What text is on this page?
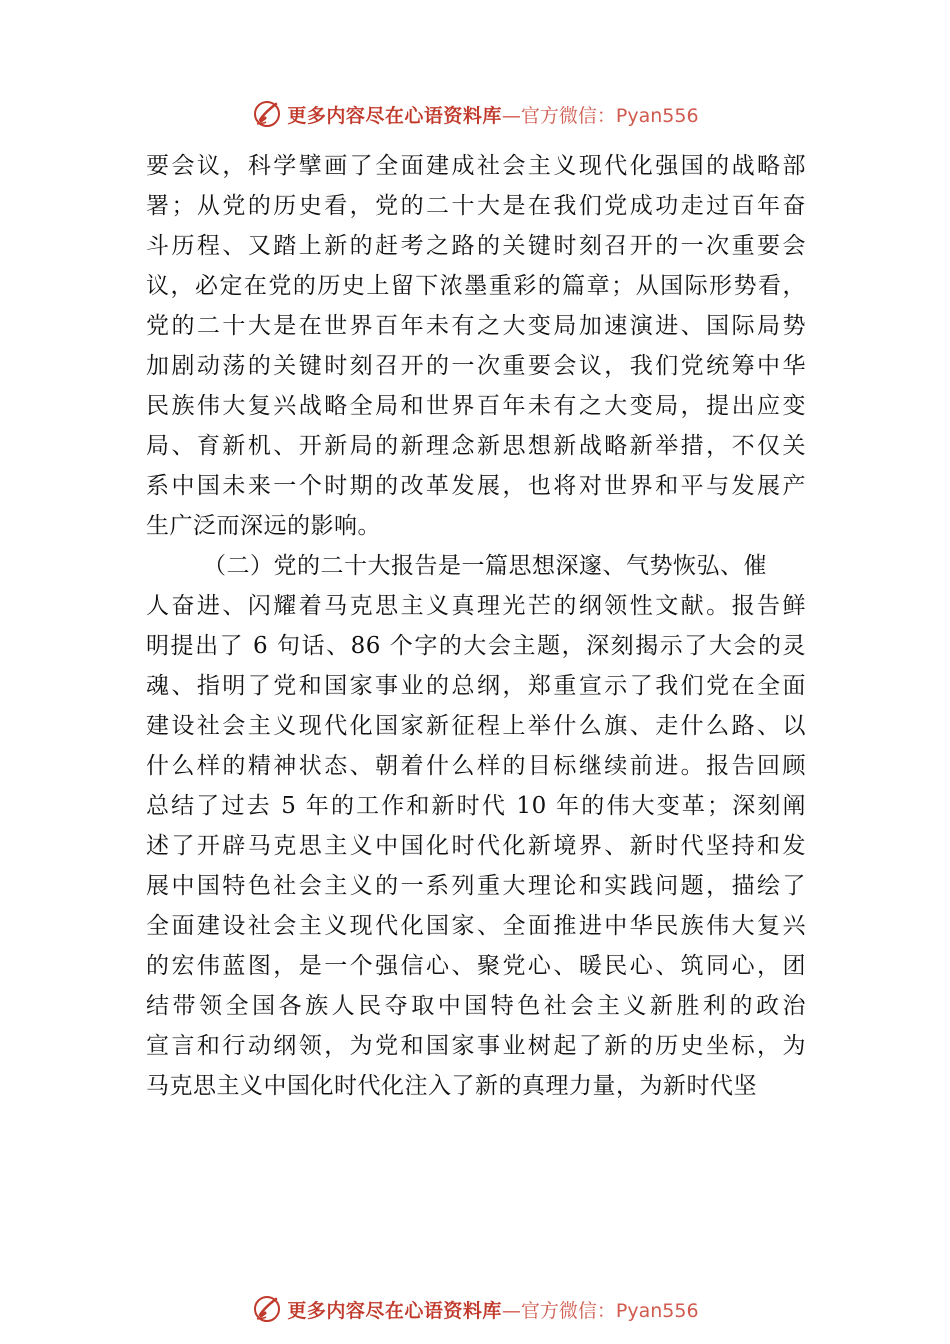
更多内容尽在心语资料库 —官方微信：Pyan556
要会议，科学擘画了全面建成社会主义现代化强国的战略部
署；从党的历史看，党的二十大是在我们党成功走过百年奋
斗历程、又踏上新的赶考之路的关键时刻召开的一次重要会
议，必定在党的历史上留下浓墨重彩的篇章；从国际形势看，
党的二十大是在世界百年未有之大变局加速演进、国际局势
加剧动荡的关键时刻召开的一次重要会议，我们党统筹中华
民族伟大复兴战略全局和世界百年未有之大变局，提出应变
局、育新机、开新局的新理念新思想新战略新举措，不仅关
系中国未来一个时期的改革发展，也将对世界和平与发展产
生广泛而深远的影响。
（二）党的二十大报告是一篇思想深邃、气势恢弘、催
人奋进、闪耀着马克思主义真理光芒的纲领性文献。报告鲜
明提出了 6 句话、86 个字的大会主题，深刻揭示了大会的灵
魂、指明了党和国家事业的总纲，郑重宣示了我们党在全面
建设社会主义现代化国家新征程上举什么旗、走什么路、以
什么样的精神状态、朝着什么样的目标继续前进。报告回顾
总结了过去 5 年的工作和新时代 10 年的伟大变革；深刻阐
述了开辟马克思主义中国化时代化新境界、新时代坚持和发
展中国特色社会主义的一系列重大理论和实践问题，描绘了
全面建设社会主义现代化国家、全面推进中华民族伟大复兴
的宏伟蓝图，是一个强信心、聚党心、暖民心、筑同心，团
结带领全国各族人民夺取中国特色社会主义新胜利的政治
宣言和行动纲领，为党和国家事业树起了新的历史坐标，为
马克思主义中国化时代化注入了新的真理力量，为新时代坚
更多内容尽在心语资料库 —官方微信：Pyan556
